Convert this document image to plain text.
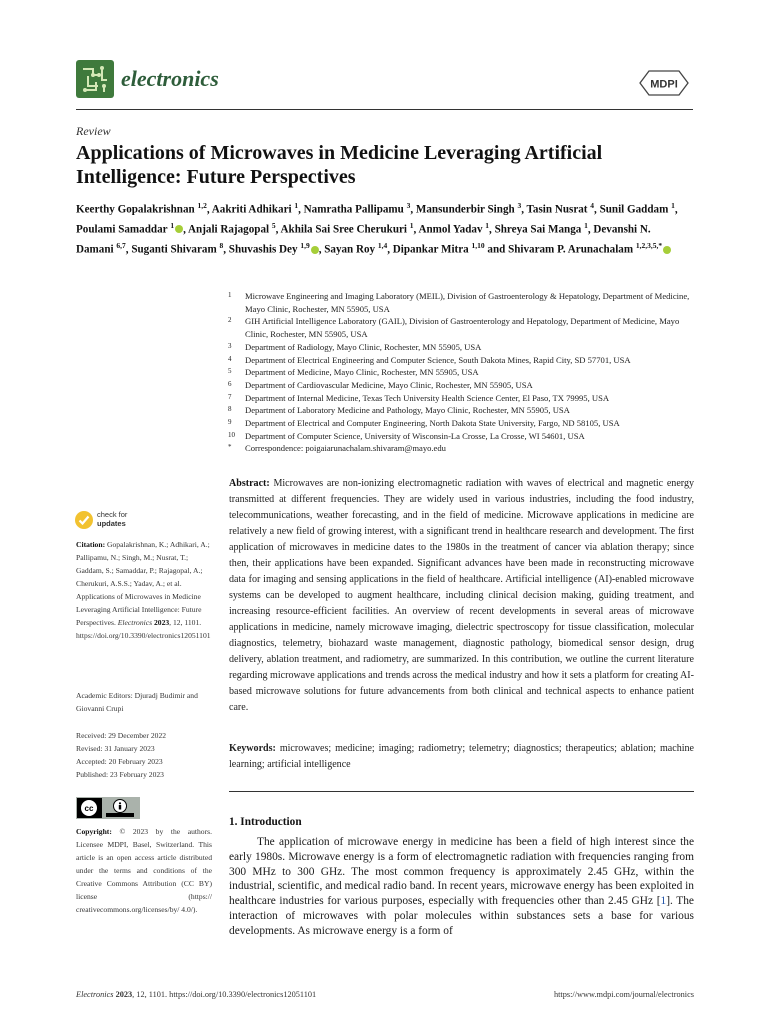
electronics	MDPI
Review
Applications of Microwaves in Medicine Leveraging Artificial Intelligence: Future Perspectives
Keerthy Gopalakrishnan $^{1,2}$, Aakriti Adhikari $^1$, Namratha Pallipamu $^3$, Mansunderbir Singh $^3$, Tasin Nusrat $^4$, Sunil Gaddam $^1$, Poulami Samaddar $^1$ , Anjali Rajagopal $^5$, Akhila Sai Sree Cherukuri $^1$, Anmol Yadav $^1$, Shreya Sai Manga $^1$, Devanshi N. Damani $^{6,7}$, Suganti Shivaram $^8$, Shuvashis Dey $^{1,9}$ , Sayan Roy $^{1,4}$, Dipankar Mitra $^{1,10}$ and Shivaram P. Arunachalam $^{1,2,3,5,*}$
1	Microwave Engineering and Imaging Laboratory (MEIL), Division of Gastroenterology & Hepatology, Department of Medicine, Mayo Clinic, Rochester, MN 55905, USA
2	GIH Artificial Intelligence Laboratory (GAIL), Division of Gastroenterology and Hepatology, Department of Medicine, Mayo Clinic, Rochester, MN 55905, USA
3	Department of Radiology, Mayo Clinic, Rochester, MN 55905, USA
4	Department of Electrical Engineering and Computer Science, South Dakota Mines, Rapid City, SD 57701, USA
5	Department of Medicine, Mayo Clinic, Rochester, MN 55905, USA
6	Department of Cardiovascular Medicine, Mayo Clinic, Rochester, MN 55905, USA
7	Department of Internal Medicine, Texas Tech University Health Science Center, El Paso, TX 79995, USA
8	Department of Laboratory Medicine and Pathology, Mayo Clinic, Rochester, MN 55905, USA
9	Department of Electrical and Computer Engineering, North Dakota State University, Fargo, ND 58105, USA
10	Department of Computer Science, University of Wisconsin-La Crosse, La Crosse, WI 54601, USA
*	Correspondence: poigaiarunachalam.shivaram@mayo.edu
Abstract: Microwaves are non-ionizing electromagnetic radiation with waves of electrical and magnetic energy transmitted at different frequencies. They are widely used in various industries, including the food industry, telecommunications, weather forecasting, and in the field of medicine. Microwave applications in medicine are relatively a new field of growing interest, with a significant trend in healthcare research and development. The first application of microwaves in medicine dates to the 1980s in the treatment of cancer via ablation therapy; since then, their applications have been expanded. Significant advances have been made in reconstructing microwave data for imaging and sensing applications in the field of healthcare. Artificial intelligence (AI)-enabled microwave systems can be developed to augment healthcare, including clinical decision making, guiding treatment, and increasing resource-efficient facilities. An overview of recent developments in several areas of microwave applications in medicine, namely microwave imaging, dielectric spectroscopy for tissue classification, molecular diagnostics, telemetry, biohazard waste management, diagnostic pathology, biomedical sensor design, drug delivery, ablation treatment, and radiometry, are summarized. In this contribution, we outline the current literature regarding microwave applications and trends across the medical industry and how it sets a platform for creating AI-based microwave solutions for future advancements from both clinical and technical aspects to enhance patient care.
Keywords: microwaves; medicine; imaging; radiometry; telemetry; diagnostics; therapeutics; ablation; machine learning; artificial intelligence
check for
updates
Citation: Gopalakrishnan, K.; Adhikari, A.; Pallipamu, N.; Singh, M.; Nusrat, T.; Gaddam, S.; Samaddar, P.; Rajagopal, A.; Cherukuri, A.S.S.; Yadav, A.; et al. Applications of Microwaves in Medicine Leveraging Artificial Intelligence: Future Perspectives. Electronics 2023, 12, 1101. https://doi.org/10.3390/electronics12051101
Academic Editors: Djuradj Budimir and Giovanni Crupi
Received: 29 December 2022
Revised: 31 January 2023
Accepted: 20 February 2023
Published: 23 February 2023
cc
Copyright: © 2023 by the authors. Licensee MDPI, Basel, Switzerland. This article is an open access article distributed under the terms and conditions of the Creative Commons Attribution (CC BY) license (https:// creativecommons.org/licenses/by/ 4.0/).
1. Introduction
The application of microwave energy in medicine has been a field of high interest since the early 1980s. Microwave energy is a form of electromagnetic radiation with frequencies ranging from 300 MHz to 300 GHz. The most common frequency is approximately 2.45 GHz, within the industrial, scientific, and medical radio band. In recent years, microwave energy has been exploited in healthcare industries for various purposes, especially with frequencies other than 2.45 GHz [1]. The interaction of microwaves with polar molecules within substances sets a base for various developments. As microwave energy is a form of
Electronics 2023, 12, 1101. https://doi.org/10.3390/electronics12051101	https://www.mdpi.com/journal/electronics
